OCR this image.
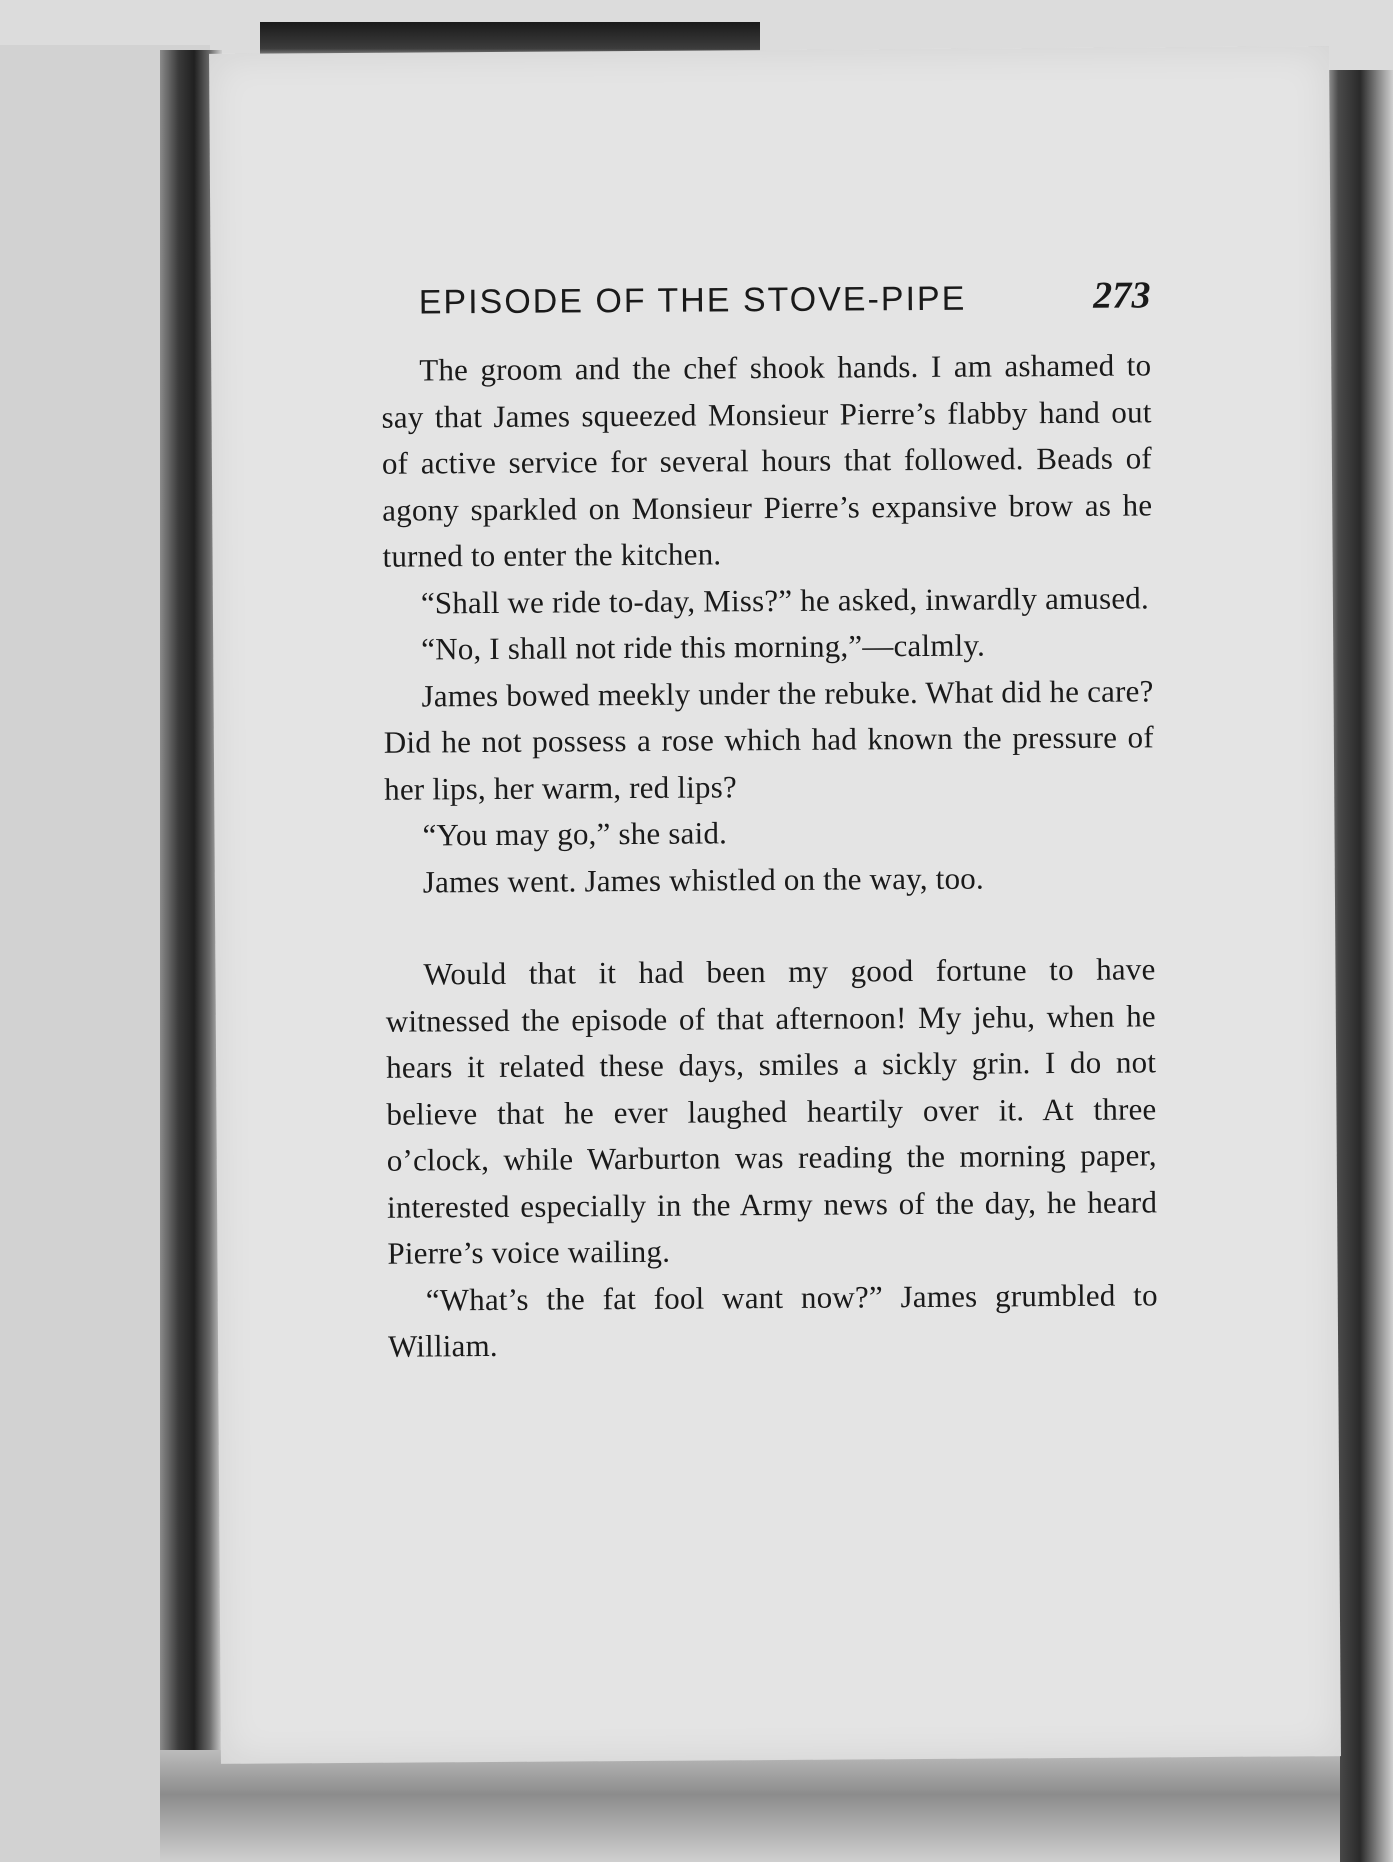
EPISODE OF THE STOVE-PIPE	273

The groom and the chef shook hands. I am ashamed to say that James squeezed Monsieur Pierre’s flabby hand out of active service for several hours that followed. Beads of agony sparkled on Monsieur Pierre’s expansive brow as he turned to enter the kitchen.

“Shall we ride to-day, Miss?” he asked, inwardly amused.

“No, I shall not ride this morning,”—calmly.

James bowed meekly under the rebuke. What did he care? Did he not possess a rose which had known the pressure of her lips, her warm, red lips?

“You may go,” she said.

James went. James whistled on the way, too.

Would that it had been my good fortune to have witnessed the episode of that afternoon! My jehu, when he hears it related these days, smiles a sickly grin. I do not believe that he ever laughed heartily over it. At three o’clock, while Warburton was reading the morning paper, interested especially in the Army news of the day, he heard Pierre’s voice wailing.

“What’s the fat fool want now?” James grumbled to William.
